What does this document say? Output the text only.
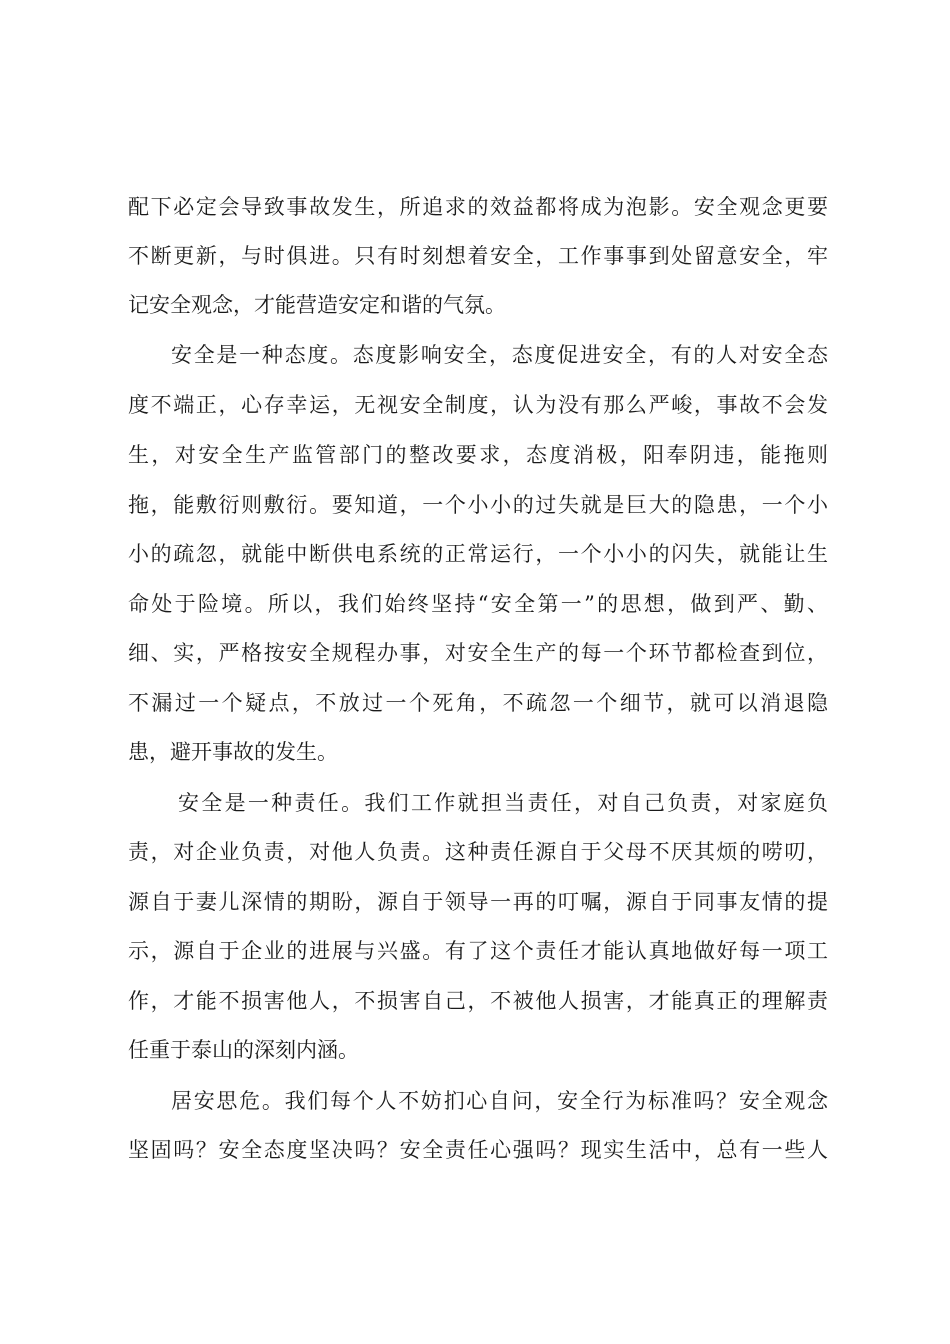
配下必定会导致事故发生，所追求的效益都将成为泡影。安全观念更要
不断更新，与时俱进。只有时刻想着安全，工作事事到处留意安全，牢
记安全观念，才能营造安定和谐的气氛。
安全是一种态度。态度影响安全，态度促进安全，有的人对安全态
度不端正，心存幸运，无视安全制度，认为没有那么严峻，事故不会发
生，对安全生产监管部门的整改要求，态度消极，阳奉阴违，能拖则
拖，能敷衍则敷衍。要知道，一个小小的过失就是巨大的隐患，一个小
小的疏忽，就能中断供电系统的正常运行，一个小小的闪失，就能让生
命处于险境。所以，我们始终坚持“安全第一”的思想，做到严、勤、
细、实，严格按安全规程办事，对安全生产的每一个环节都检查到位，
不漏过一个疑点，不放过一个死角，不疏忽一个细节，就可以消退隐
患，避开事故的发生。
安全是一种责任。我们工作就担当责任，对自己负责，对家庭负
责，对企业负责，对他人负责。这种责任源自于父母不厌其烦的唠叨，
源自于妻儿深情的期盼，源自于领导一再的叮嘱，源自于同事友情的提
示，源自于企业的进展与兴盛。有了这个责任才能认真地做好每一项工
作，才能不损害他人，不损害自己，不被他人损害，才能真正的理解责
任重于泰山的深刻内涵。
居安思危。我们每个人不妨扪心自问，安全行为标准吗？安全观念
坚固吗？安全态度坚决吗？安全责任心强吗？现实生活中，总有一些人
